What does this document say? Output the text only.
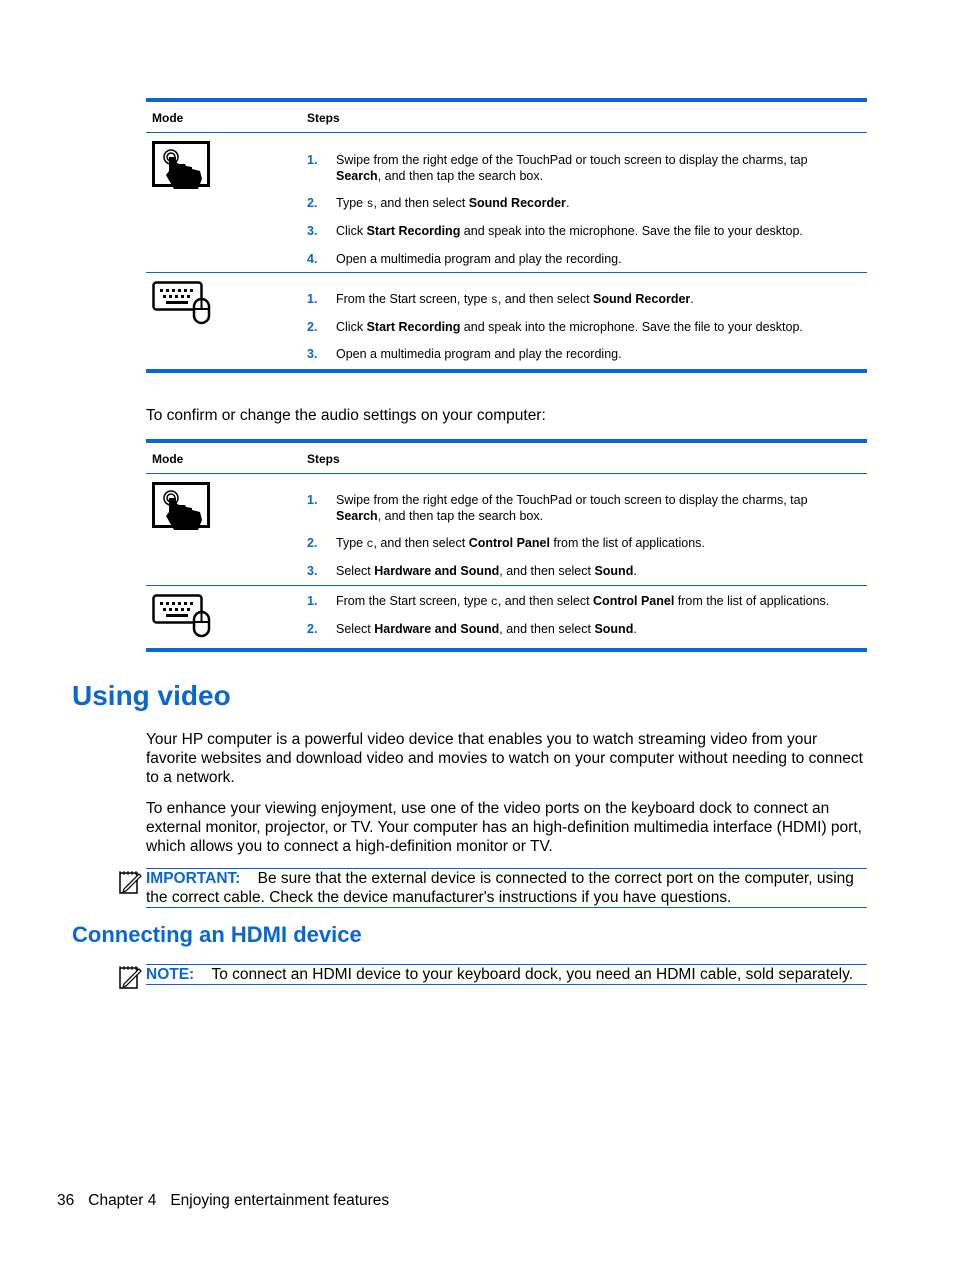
Mode	Steps
1. Swipe from the right edge of the TouchPad or touch screen to display the charms, tap Search, and then tap the search box.
2. Type s, and then select Sound Recorder.
3. Click Start Recording and speak into the microphone. Save the file to your desktop.
4. Open a multimedia program and play the recording.
1. From the Start screen, type s, and then select Sound Recorder.
2. Click Start Recording and speak into the microphone. Save the file to your desktop.
3. Open a multimedia program and play the recording.
To confirm or change the audio settings on your computer:
Mode	Steps
1. Swipe from the right edge of the TouchPad or touch screen to display the charms, tap Search, and then tap the search box.
2. Type c, and then select Control Panel from the list of applications.
3. Select Hardware and Sound, and then select Sound.
1. From the Start screen, type c, and then select Control Panel from the list of applications.
2. Select Hardware and Sound, and then select Sound.
Using video
Your HP computer is a powerful video device that enables you to watch streaming video from your favorite websites and download video and movies to watch on your computer without needing to connect to a network.
To enhance your viewing enjoyment, use one of the video ports on the keyboard dock to connect an external monitor, projector, or TV. Your computer has an high-definition multimedia interface (HDMI) port, which allows you to connect a high-definition monitor or TV.
IMPORTANT: Be sure that the external device is connected to the correct port on the computer, using the correct cable. Check the device manufacturer's instructions if you have questions.
Connecting an HDMI device
NOTE: To connect an HDMI device to your keyboard dock, you need an HDMI cable, sold separately.
36 Chapter 4 Enjoying entertainment features
